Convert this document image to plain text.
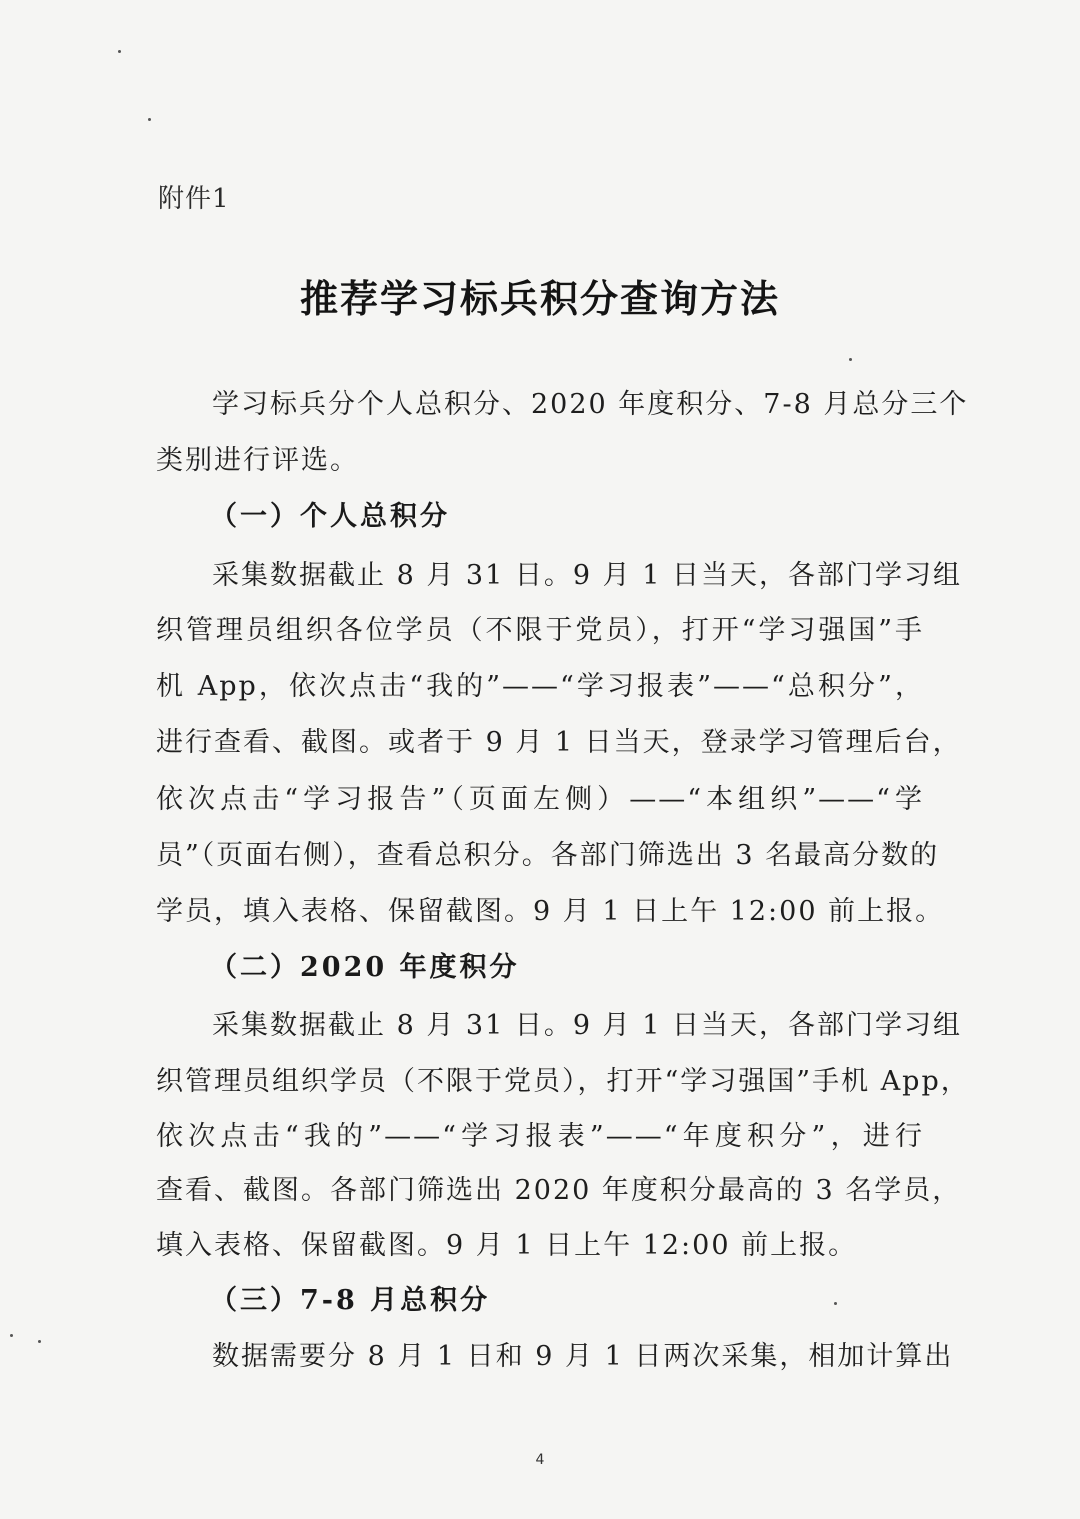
附件1
推荐学习标兵积分查询方法
学习标兵分个人总积分、2020 年度积分、7-8 月总分三个
类别进行评选。
（一）个人总积分
采集数据截止 8 月 31 日。9 月 1 日当天，各部门学习组
织管理员组织各位学员（不限于党员），打开“学习强国”手
机 App，依次点击“我的”——“学习报表”——“总积分”，
进行查看、截图。或者于 9 月 1 日当天，登录学习管理后台，
依次点击“学习报告”（页面左侧）——“本组织”——“学
员”（页面右侧），查看总积分。各部门筛选出 3 名最高分数的
学员，填入表格、保留截图。9 月 1 日上午 12:00 前上报。
（二）2020 年度积分
采集数据截止 8 月 31 日。9 月 1 日当天，各部门学习组
织管理员组织学员（不限于党员），打开“学习强国”手机 App，
依次点击“我的”——“学习报表”——“年度积分”，进行
查看、截图。各部门筛选出 2020 年度积分最高的 3 名学员，
填入表格、保留截图。9 月 1 日上午 12:00 前上报。
（三）7-8 月总积分
数据需要分 8 月 1 日和 9 月 1 日两次采集，相加计算出
4
